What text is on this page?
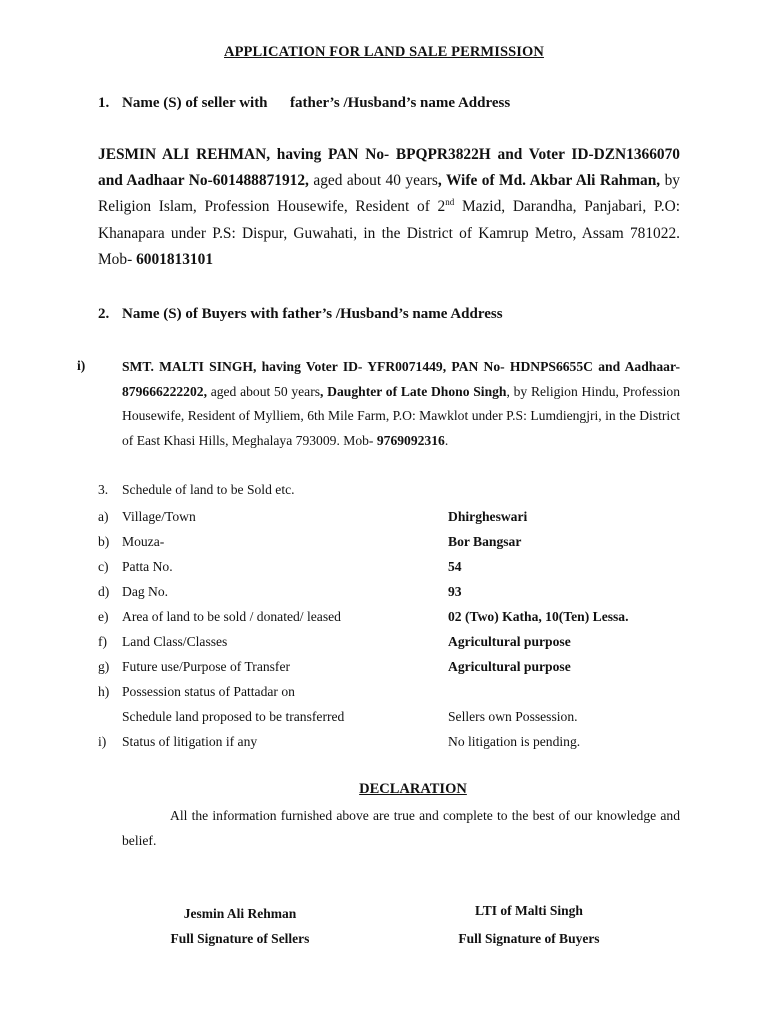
APPLICATION FOR LAND SALE PERMISSION
1. Name (S) of seller with      father’s /Husband’s name Address
JESMIN ALI REHMAN, having PAN No- BPQPR3822H and Voter ID-DZN1366070 and Aadhaar No-601488871912, aged about 40 years, Wife of Md. Akbar Ali Rahman, by Religion Islam, Profession Housewife, Resident of 2nd Mazid, Darandha, Panjabari, P.O: Khanapara under P.S: Dispur, Guwahati, in the District of Kamrup Metro, Assam 781022. Mob- 6001813101
2. Name (S) of Buyers with father’s /Husband’s name Address
i)	SMT. MALTI SINGH, having Voter ID- YFR0071449, PAN No- HDNPS6655C and Aadhaar-879666222202, aged about 50 years, Daughter of Late Dhono Singh, by Religion Hindu, Profession Housewife, Resident of Mylliem, 6th Mile Farm, P.O: Mawklot under P.S: Lumdiengjri, in the District of East Khasi Hills, Meghalaya 793009. Mob- 9769092316.
3. Schedule of land to be Sold etc.
a) Village/Town	Dhirgheswari
b) Mouza-	Bor Bangsar
c) Patta No.	54
d) Dag No.	93
e) Area of land to be sold / donated/ leased	02 (Two) Katha, 10(Ten) Lessa.
f) Land Class/Classes	Agricultural purpose
g) Future use/Purpose of Transfer	Agricultural purpose
h) Possession status of Pattadar on
Schedule land proposed to be transferred	Sellers own Possession.
i) Status of litigation if any	No litigation is pending.
DECLARATION
All the information furnished above are true and complete to the best of our knowledge and belief.
Jesmin Ali Rehman
Full Signature of Sellers
LTI of Malti Singh
Full Signature of Buyers
